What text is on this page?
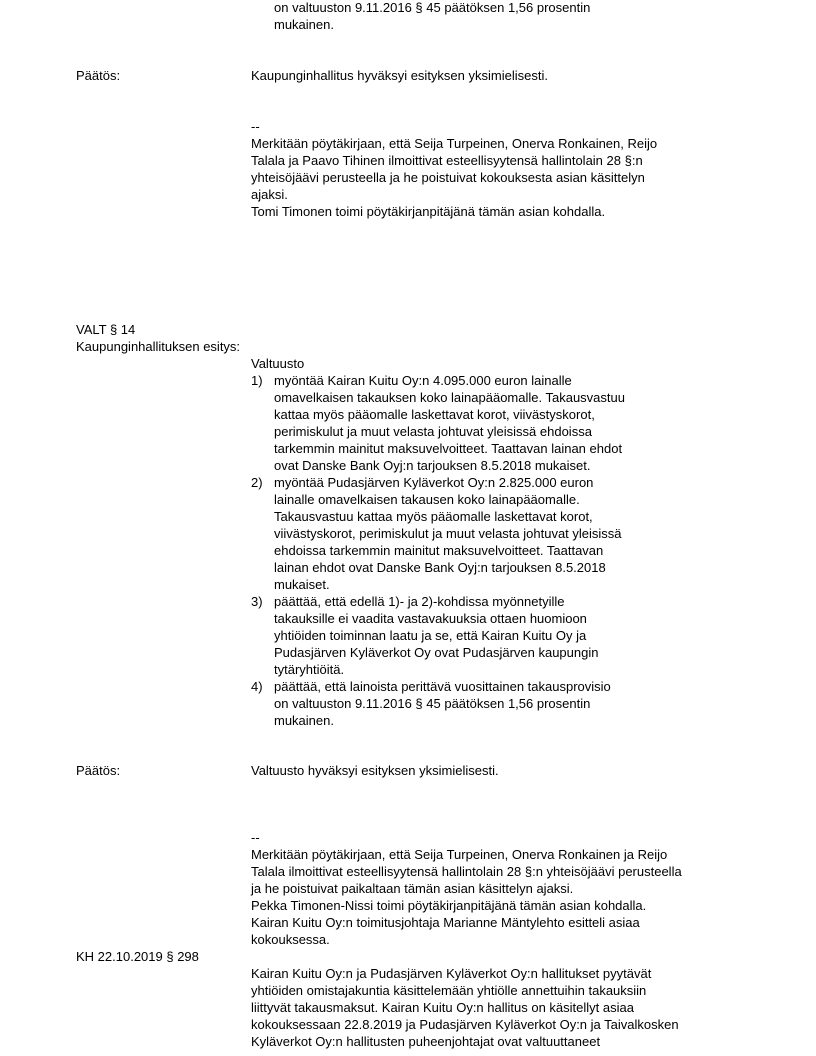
on valtuuston 9.11.2016 § 45 päätöksen 1,56 prosentin
mukainen.
Päätös:	Kaupunginhallitus hyväksyi esityksen yksimielisesti.
--
Merkitään pöytäkirjaan, että Seija Turpeinen, Onerva Ronkainen, Reijo
Talala ja Paavo Tihinen ilmoittivat esteellisyytensä hallintolain 28 §:n
yhteisöjäävi perusteella ja he poistuivat kokouksesta asian käsittelyn
ajaksi.
Tomi Timonen toimi pöytäkirjanpitäjänä tämän asian kohdalla.
VALT § 14
Kaupunginhallituksen esitys:
Valtuusto
1) myöntää Kairan Kuitu Oy:n 4.095.000 euron lainalle
omavelkaisen takauksen koko lainapääomalle. Takausvastuu
kattaa myös pääomalle laskettavat korot, viivästyskorot,
perimiskulut ja muut velasta johtuvat yleisissä ehdoissa
tarkemmin mainitut maksuvelvoitteet. Taattavan lainan ehdot
ovat Danske Bank Oyj:n tarjouksen 8.5.2018 mukaiset.
2) myöntää Pudasjärven Kyläverkot Oy:n 2.825.000 euron
lainalle omavelkaisen takausen koko lainapääomalle.
Takausvastuu kattaa myös pääomalle laskettavat korot,
viivästyskorot, perimiskulut ja muut velasta johtuvat yleisissä
ehdoissa tarkemmin mainitut maksuvelvoitteet. Taattavan
lainan ehdot ovat Danske Bank Oyj:n tarjouksen 8.5.2018
mukaiset.
3) päättää, että edellä 1)- ja 2)-kohdissa myönnetyille
takauksille ei vaadita vastavakuuksia ottaen huomioon
yhtiöiden toiminnan laatu ja se, että Kairan Kuitu Oy ja
Pudasjärven Kyläverkot Oy ovat Pudasjärven kaupungin
tytäryhtiöitä.
4) päättää, että lainoista perittävä vuosittainen takausprovisio
on valtuuston 9.11.2016 § 45 päätöksen 1,56 prosentin
mukainen.
Päätös:	Valtuusto hyväksyi esityksen yksimielisesti.
--
Merkitään pöytäkirjaan, että Seija Turpeinen, Onerva Ronkainen ja Reijo
Talala ilmoittivat esteellisyytensä hallintolain 28 §:n yhteisöjäävi perusteella
ja he poistuivat paikaltaan tämän asian käsittelyn ajaksi.
Pekka Timonen-Nissi toimi pöytäkirjanpitäjänä tämän asian kohdalla.
Kairan Kuitu Oy:n toimitusjohtaja Marianne Mäntylehto esitteli asiaa
kokouksessa.
KH 22.10.2019 § 298
Kairan Kuitu Oy:n ja Pudasjärven Kyläverkot Oy:n hallitukset pyytävät
yhtiöiden omistajakuntia käsittelemään yhtiölle annettuihin takauksiin
liittyvät takausmaksut. Kairan Kuitu Oy:n hallitus on käsitellyt asiaa
kokouksessaan 22.8.2019 ja Pudasjärven Kyläverkot Oy:n ja Taivalkosken
Kyläverkot Oy:n hallitusten puheenjohtajat ovat valtuuttaneet
